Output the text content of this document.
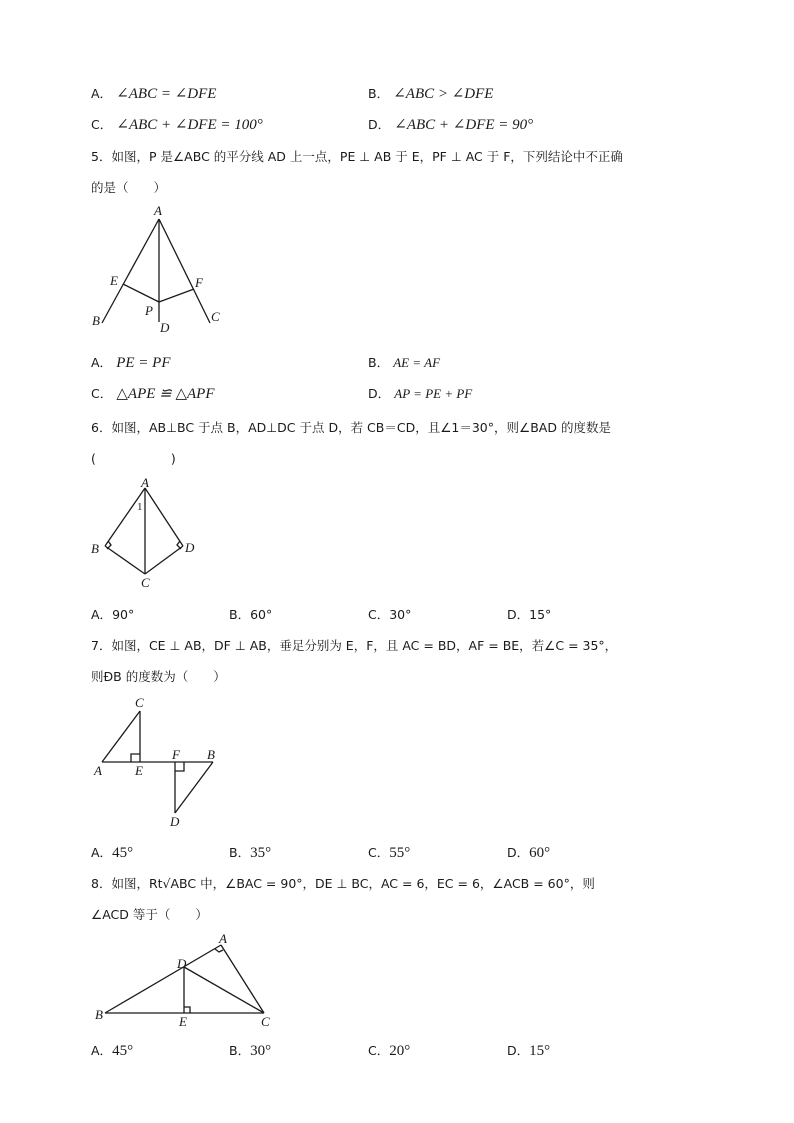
A． ∠ABC = ∠DFE	B． ∠ABC > ∠DFE
C． ∠ABC + ∠DFE = 100°	D． ∠ABC + ∠DFE = 90°
5．如图，P 是∠ABC 的平分线 AD 上一点，PE ⊥ AB 于 E，PF ⊥ AC 于 F，下列结论中不正确
的是（　　）
A
E	F
P
B	D
C
A． PE = PF	B． AE = AF
C． △APE ≌ △APF	D． AP = PE + PF
6．如图，AB⊥BC 于点 B，AD⊥DC 于点 D，若 CB＝CD，且∠1＝30°，则∠BAD 的度数是
(　　　　　　)
A
1
B	D
C
A．90°	B．60°	C．30°	D．15°
7．如图，CE ⊥ AB，DF ⊥ AB，垂足分别为 E，F，且 AC = BD，AF = BE，若∠C = 35°，
则ÐB 的度数为（　　）
C
F B
A	E
D
A．45°	B．35°	C．55°	D．60°
8．如图，Rt√ABC 中，∠BAC = 90°，DE ⊥ BC，AC = 6，EC = 6，∠ACB = 60°，则
∠ACD 等于（　　）
A
D
B	E	C
A．45°	B．30°	C．20°	D．15°
